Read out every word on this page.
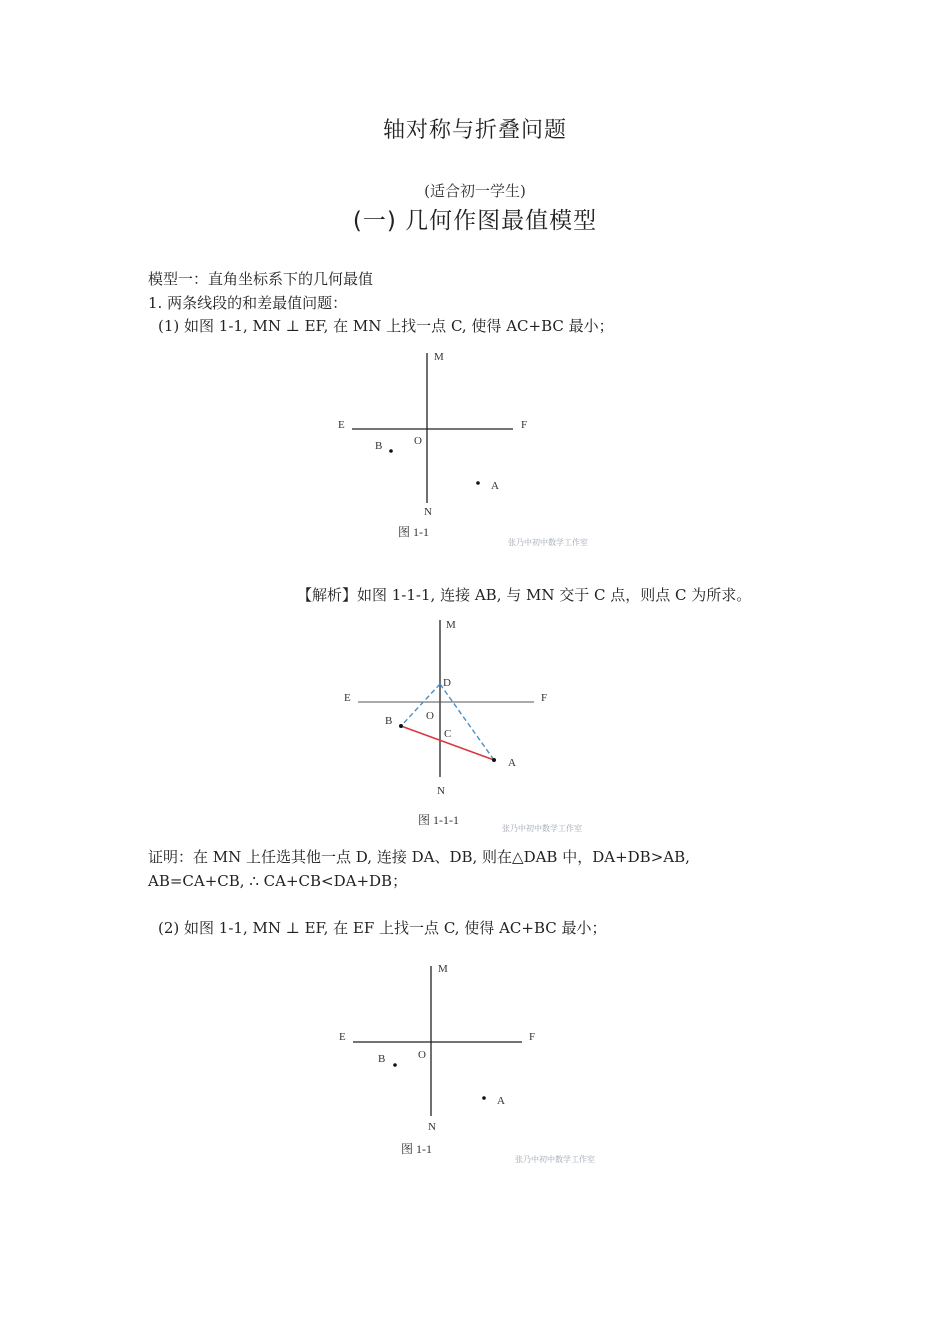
轴对称与折叠问题
(适合初一学生)
(一) 几何作图最值模型
模型一：直角坐标系下的几何最值
1. 两条线段的和差最值问题：
(1) 如图 1-1, MN ⊥ EF, 在 MN 上找一点 C, 使得 AC+BC 最小；
M
N
E	F
O
B
A
图 1-1
张乃中初中数学工作室
【解析】如图 1-1-1, 连接 AB, 与 MN 交于 C 点，则点 C 为所求。
M
N
E	F
D
O
C
B
A
图 1-1-1
张乃中初中数学工作室
证明：在 MN 上任选其他一点 D, 连接 DA、DB, 则在△DAB 中，DA+DB>AB,
AB=CA+CB, ∴ CA+CB<DA+DB；
(2) 如图 1-1, MN ⊥ EF, 在 EF 上找一点 C, 使得 AC+BC 最小；
M
N
E	F
O
B
A
图 1-1
张乃中初中数学工作室
